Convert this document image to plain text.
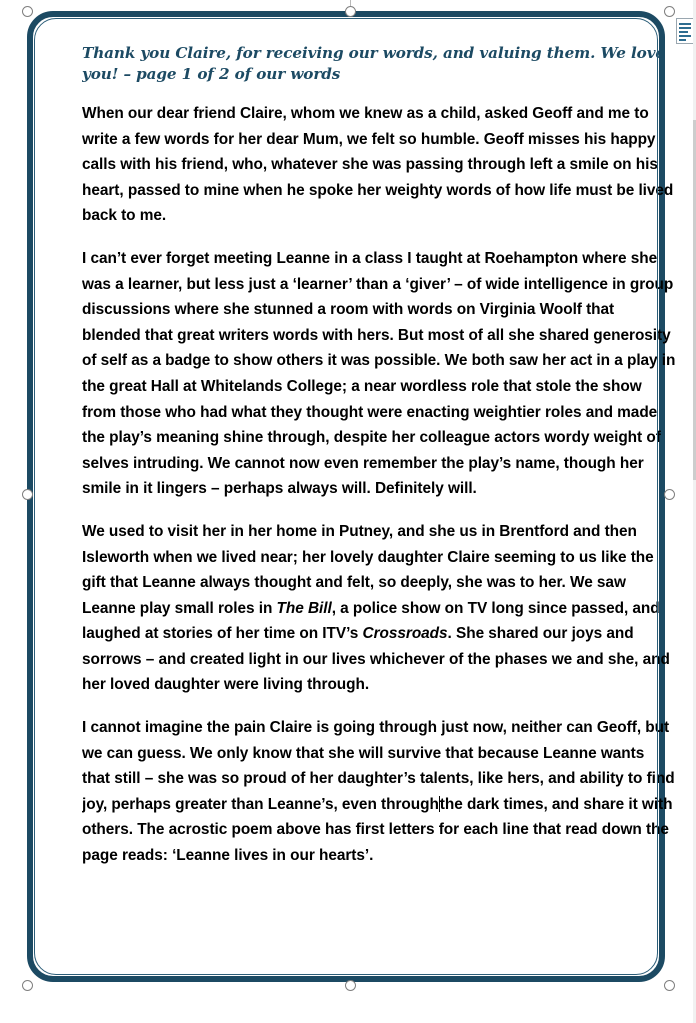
Thank you Claire, for receiving our words, and valuing them. We love you! – page 1 of 2 of our words

When our dear friend Claire, whom we knew as a child, asked Geoff and me to write a few words for her dear Mum, we felt so humble. Geoff misses his happy calls with his friend, who, whatever she was passing through left a smile on his heart, passed to mine when he spoke her weighty words of how life must be lived back to me.

I can’t ever forget meeting Leanne in a class I taught at Roehampton where she was a learner, but less just a ‘learner’ than a ‘giver’ – of wide intelligence in group discussions where she stunned a room with words on Virginia Woolf that blended that great writers words with hers. But most of all she shared generosity of self as a badge to show others it was possible. We both saw her act in a play in the great Hall at Whitelands College; a near wordless role that stole the show from those who had what they thought were enacting weightier roles and made the play’s meaning shine through, despite her colleague actors wordy weight of selves intruding. We cannot now even remember the play’s name, though her smile in it lingers – perhaps always will. Definitely will.

We used to visit her in her home in Putney, and she us in Brentford and then Isleworth when we lived near; her lovely daughter Claire seeming to us like the gift that Leanne always thought and felt, so deeply, she was to her. We saw Leanne play small roles in The Bill, a police show on TV long since passed, and laughed at stories of her time on ITV’s Crossroads. She shared our joys and sorrows – and created light in our lives whichever of the phases we and she, and her loved daughter were living through.

I cannot imagine the pain Claire is going through just now, neither can Geoff, but we can guess. We only know that she will survive that because Leanne wants that still – she was so proud of her daughter’s talents, like hers, and ability to find joy, perhaps greater than Leanne’s, even throughthe dark times, and share it with others. The acrostic poem above has first letters for each line that read down the page reads: ‘Leanne lives in our hearts’.
